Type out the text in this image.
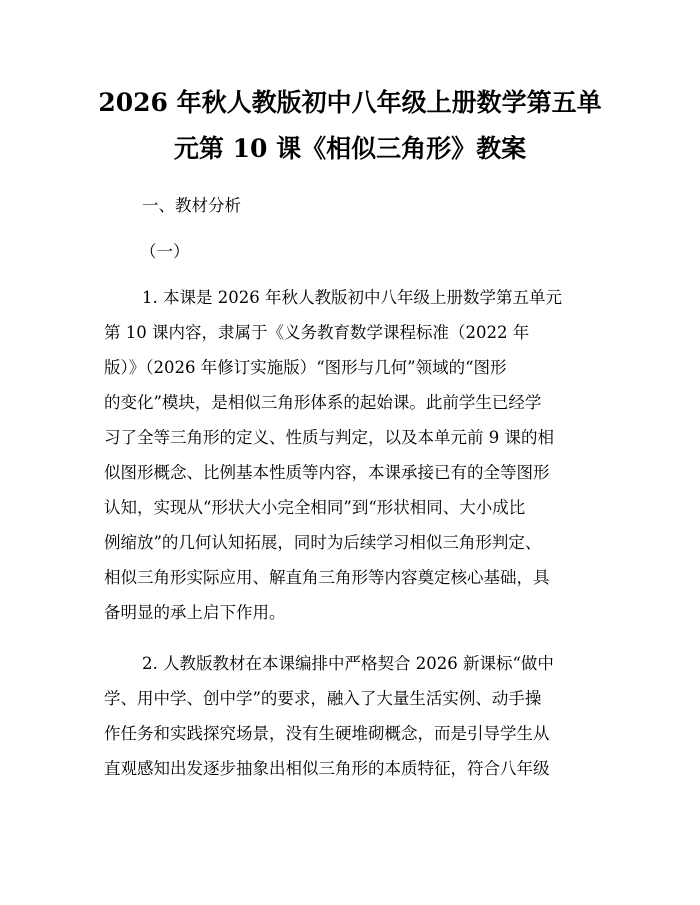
2026 年秋人教版初中八年级上册数学第五单
元第 10 课《相似三角形》教案

一、教材分析

（一）

1. 本课是 2026 年秋人教版初中八年级上册数学第五单元

第 10 课内容，隶属于《义务教育数学课程标准（2022 年

版）》（2026 年修订实施版）“图形与几何”领域的“图形

的变化”模块，是相似三角形体系的起始课。此前学生已经学

习了全等三角形的定义、性质与判定，以及本单元前 9 课的相

似图形概念、比例基本性质等内容，本课承接已有的全等图形

认知，实现从“形状大小完全相同”到“形状相同、大小成比

例缩放”的几何认知拓展，同时为后续学习相似三角形判定、

相似三角形实际应用、解直角三角形等内容奠定核心基础，具

备明显的承上启下作用。

2. 人教版教材在本课编排中严格契合 2026 新课标“做中

学、用中学、创中学”的要求，融入了大量生活实例、动手操

作任务和实践探究场景，没有生硬堆砌概念，而是引导学生从

直观感知出发逐步抽象出相似三角形的本质特征，符合八年级
